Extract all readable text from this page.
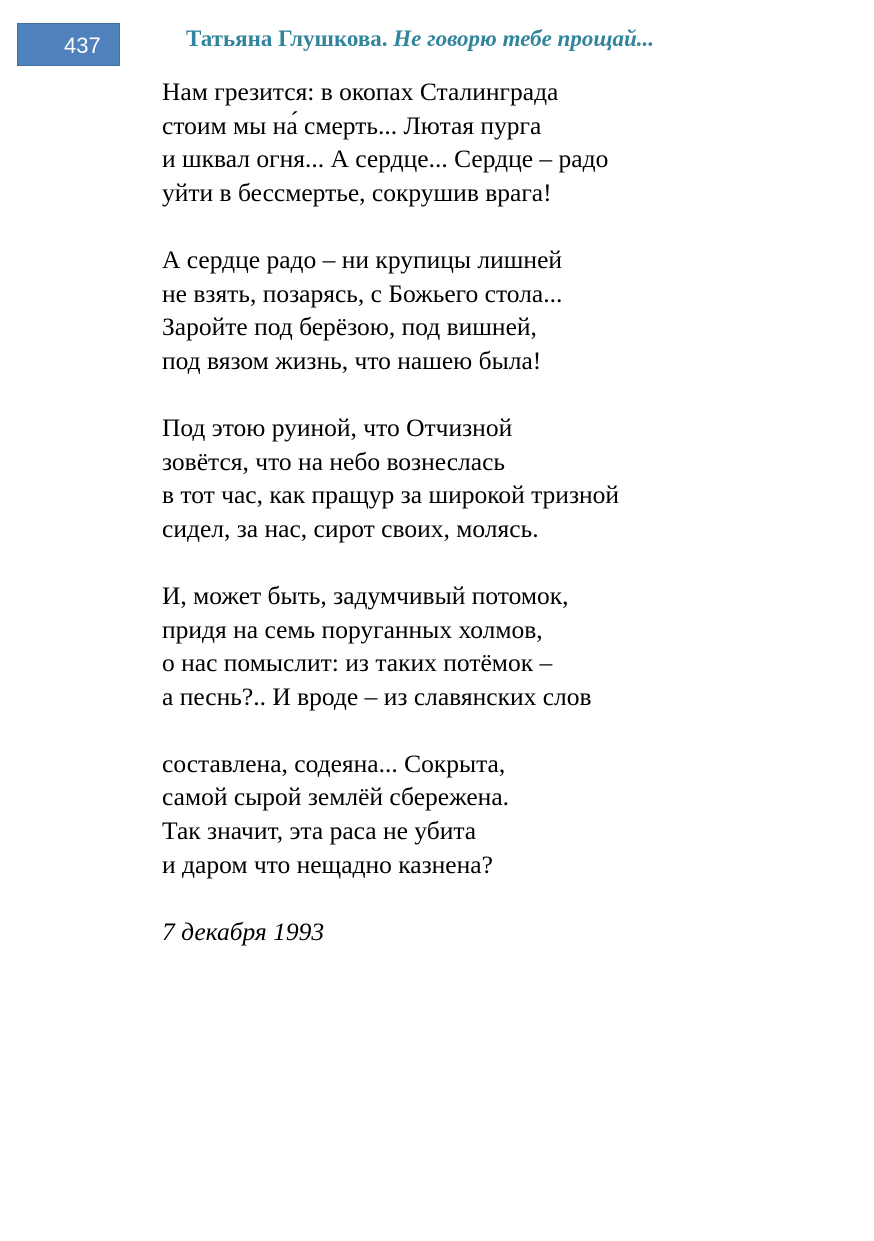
437	Татьяна Глушкова. Не говорю тебе прощай...
Нам грезится: в окопах Сталинграда
стоим мы на́ смерть... Лютая пурга
и шквал огня... А сердце... Сердце – радо
уйти в бессмертье, сокрушив врага!
А сердце радо – ни крупицы лишней
не взять, позарясь, с Божьего стола...
Заройте под берёзою, под вишней,
под вязом жизнь, что нашею была!
Под этою руиной, что Отчизной
зовётся, что на небо вознеслась
в тот час, как пращур за широкой тризной
сидел, за нас, сирот своих, молясь.
И, может быть, задумчивый потомок,
придя на семь поруганных холмов,
о нас помыслит: из таких потёмок –
а песнь?.. И вроде – из славянских слов
составлена, содеяна... Сокрыта,
самой сырой землёй сбережена.
Так значит, эта раса не убита
и даром что нещадно казнена?
7 декабря 1993
